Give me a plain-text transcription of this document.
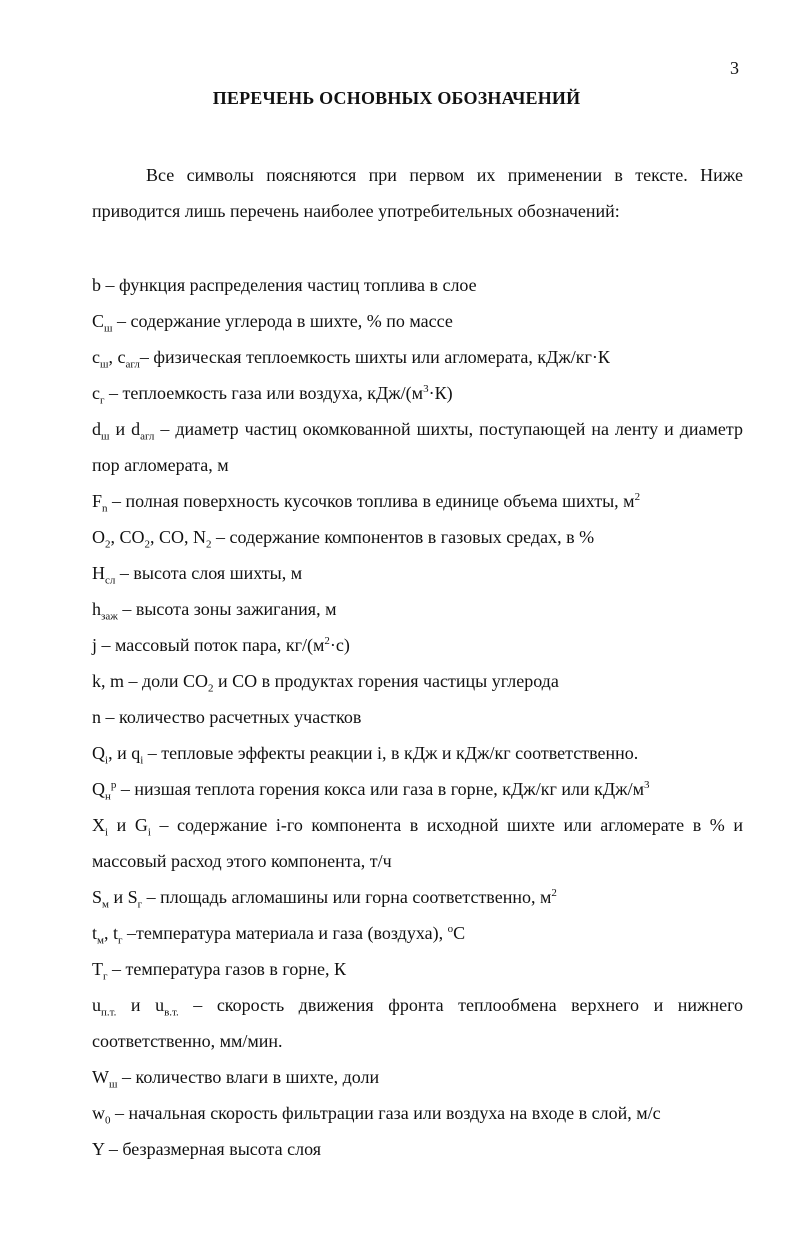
3
ПЕРЕЧЕНЬ ОСНОВНЫХ ОБОЗНАЧЕНИЙ

Все символы поясняются при первом их применении в тексте. Ниже приводится лишь перечень наиболее употребительных обозначений:

b – функция распределения частиц топлива в слое
$C_ш$ – содержание углерода в шихте, % по массе
$c_ш$, $c_{агл}-$ физическая теплоемкость шихты или агломерата, кДж/кг·К
$c_г$ – теплоемкость газа или воздуха, кДж/$(м^3\cdot К)$
$d_ш$ и $d_{агл}$ – диаметр частиц окомкованной шихты, поступающей на ленту и диаметр пор агломерата, м
$F_n$ – полная поверхность кусочков топлива в единице объема шихты, $м^2$
$O_2$, $CO_2$, CO, $N_2$ – содержание компонентов в газовых средах, в %
$H_{сл}$ – высота слоя шихты, м
$h_{заж}$ – высота зоны зажигания, м
j – массовый поток пара, $кг/(м^2\cdot с)$
k, m – доли $CO_2$ и CO в продуктах горения частицы углерода
n – количество расчетных участков
$Q_i$, и $q_i$ – тепловые эффекты реакции i, в кДж и кДж/кг соответственно.
$Q_н^р$ – низшая теплота горения кокса или газа в горне, кДж/кг или кДж/$м^3$
$X_i$ и $G_i$ – содержание i-го компонента в исходной шихте или агломерате в % и массовый расход этого компонента, т/ч
$S_м$ и $S_г$ – площадь агломашины или горна соответственно, $м^2$
$t_м$, $t_г$ –температура материала и газа (воздуха), $^о$С
$T_г$ – температура газов в горне, К
$u_{п.т.}$ и $u_{в.т.}$ – скорость движения фронта теплообмена верхнего и нижнего соответственно, мм/мин.
$W_ш$ – количество влаги в шихте, доли
$w_0$ – начальная скорость фильтрации газа или воздуха на входе в слой, м/с
Y – безразмерная высота слоя
